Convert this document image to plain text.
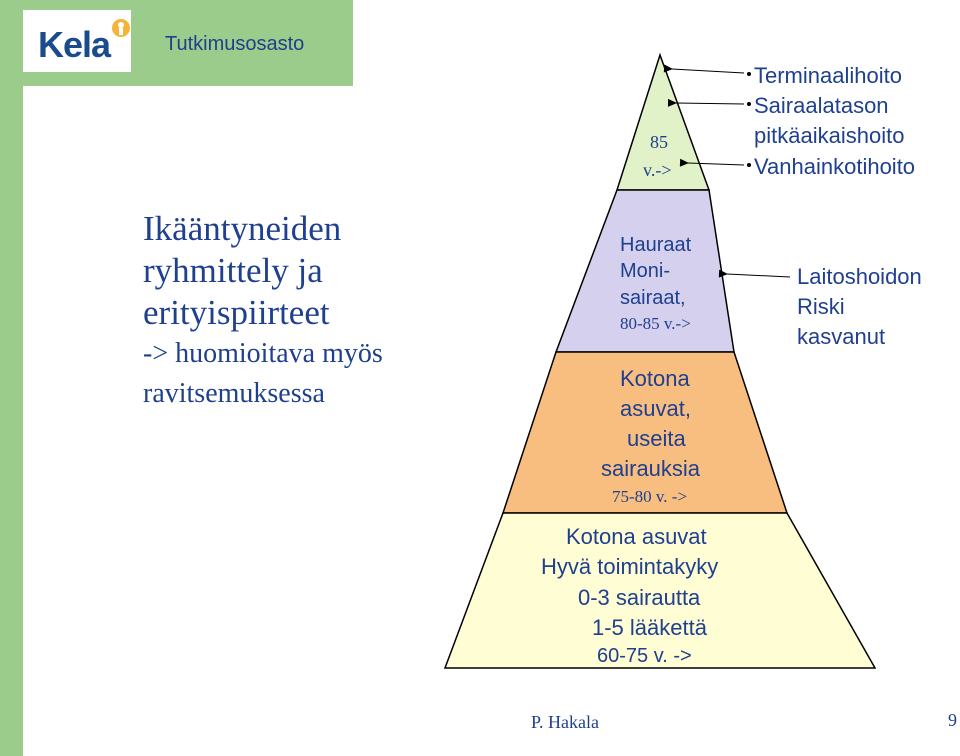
Kela	Tutkimusosasto
Ikääntyneiden
ryhmittely ja
erityispiirteet
-> huomioitava myös
ravitsemuksessa
85
v.->
Hauraat
Moni-
sairaat,
80-85 v.->
Kotona
asuvat,
useita
sairauksia
75-80 v. ->
Kotona asuvat
Hyvä toimintakyky
0-3 sairautta
1-5 lääkettä
60-75 v. ->
Terminaalihoito
Sairaalatason
pitkäaikaishoito
Vanhainkotihoito
Laitoshoidon
Riski
kasvanut
P. Hakala	9
